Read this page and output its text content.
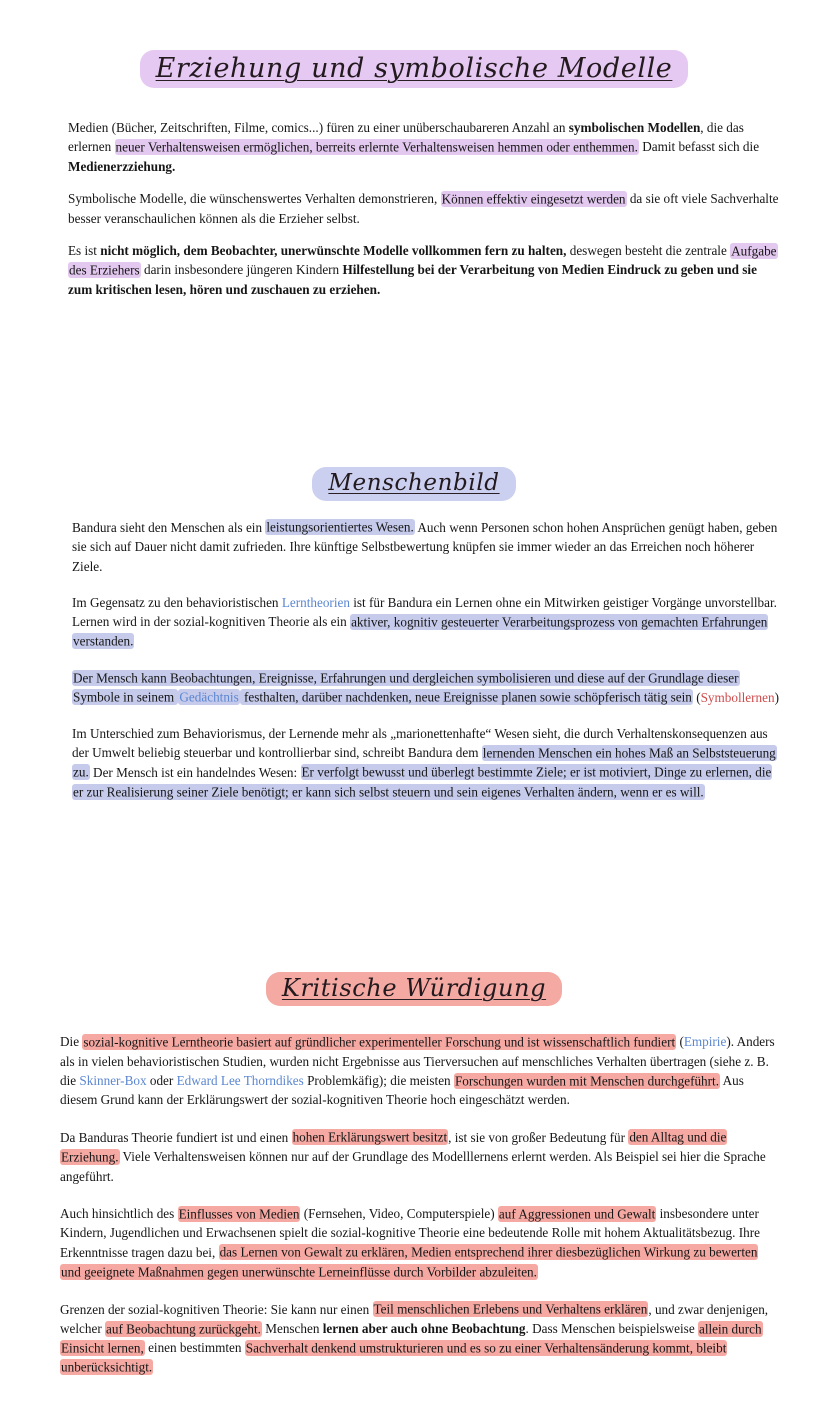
Erziehung und symbolische Modelle

Medien (Bücher, Zeitschriften, Filme, comics...) füren zu einer unüberschaubareren Anzahl an symbolischen Modellen, die das erlernen neuer Verhaltensweisen ermöglichen, berreits erlernte Verhaltensweisen hemmen oder enthemmen. Damit befasst sich die Medienerzziehung.

Symbolische Modelle, die wünschenswertes Verhalten demonstrieren, Können effektiv eingesetzt werden da sie oft viele Sachverhalte besser veranschaulichen können als die Erzieher selbst.

Es ist nicht möglich, dem Beobachter, unerwünschte Modelle vollkommen fern zu halten, deswegen besteht die zentrale Aufgabe des Erziehers darin insbesondere jüngeren Kindern Hilfestellung bei der Verarbeitung von Medien Eindruck zu geben und sie zum kritischen lesen, hören und zuschauen zu erziehen.

Menschenbild

Bandura sieht den Menschen als ein leistungsorientiertes Wesen. Auch wenn Personen schon hohen Ansprüchen genügt haben, geben sie sich auf Dauer nicht damit zufrieden. Ihre künftige Selbstbewertung knüpfen sie immer wieder an das Erreichen noch höherer Ziele.

Im Gegensatz zu den behavioristischen Lerntheorien ist für Bandura ein Lernen ohne ein Mitwirken geistiger Vorgänge unvorstellbar. Lernen wird in der sozial-kognitiven Theorie als ein aktiver, kognitiv gesteuerter Verarbeitungsprozess von gemachten Erfahrungen verstanden.

Der Mensch kann Beobachtungen, Ereignisse, Erfahrungen und dergleichen symbolisieren und diese auf der Grundlage dieser Symbole in seinem Gedächtnis festhalten, darüber nachdenken, neue Ereignisse planen sowie schöpferisch tätig sein (Symbollernen)

Im Unterschied zum Behaviorismus, der Lernende mehr als „marionettenhafte“ Wesen sieht, die durch Verhaltenskonsequenzen aus der Umwelt beliebig steuerbar und kontrollierbar sind, schreibt Bandura dem lernenden Menschen ein hohes Maß an Selbststeuerung zu. Der Mensch ist ein handelndes Wesen: Er verfolgt bewusst und überlegt bestimmte Ziele; er ist motiviert, Dinge zu erlernen, die er zur Realisierung seiner Ziele benötigt; er kann sich selbst steuern und sein eigenes Verhalten ändern, wenn er es will.

Kritische Würdigung

Die sozial-kognitive Lerntheorie basiert auf gründlicher experimenteller Forschung und ist wissenschaftlich fundiert (Empirie). Anders als in vielen behavioristischen Studien, wurden nicht Ergebnisse aus Tierversuchen auf menschliches Verhalten übertragen (siehe z. B. die Skinner-Box oder Edward Lee Thorndikes Problemkäfig); die meisten Forschungen wurden mit Menschen durchgeführt. Aus diesem Grund kann der Erklärungswert der sozial-kognitiven Theorie hoch eingeschätzt werden.

Da Banduras Theorie fundiert ist und einen hohen Erklärungswert besitzt, ist sie von großer Bedeutung für den Alltag und die Erziehung. Viele Verhaltensweisen können nur auf der Grundlage des Modelllernens erlernt werden. Als Beispiel sei hier die Sprache angeführt.

Auch hinsichtlich des Einflusses von Medien (Fernsehen, Video, Computerspiele) auf Aggressionen und Gewalt insbesondere unter Kindern, Jugendlichen und Erwachsenen spielt die sozial-kognitive Theorie eine bedeutende Rolle mit hohem Aktualitätsbezug. Ihre Erkenntnisse tragen dazu bei, das Lernen von Gewalt zu erklären, Medien entsprechend ihrer diesbezüglichen Wirkung zu bewerten und geeignete Maßnahmen gegen unerwünschte Lerneinflüsse durch Vorbilder abzuleiten.

Grenzen der sozial-kognitiven Theorie: Sie kann nur einen Teil menschlichen Erlebens und Verhaltens erklären, und zwar denjenigen, welcher auf Beobachtung zurückgeht. Menschen lernen aber auch ohne Beobachtung. Dass Menschen beispielsweise allein durch Einsicht lernen, einen bestimmten Sachverhalt denkend umstrukturieren und es so zu einer Verhaltensänderung kommt, bleibt unberücksichtigt.
